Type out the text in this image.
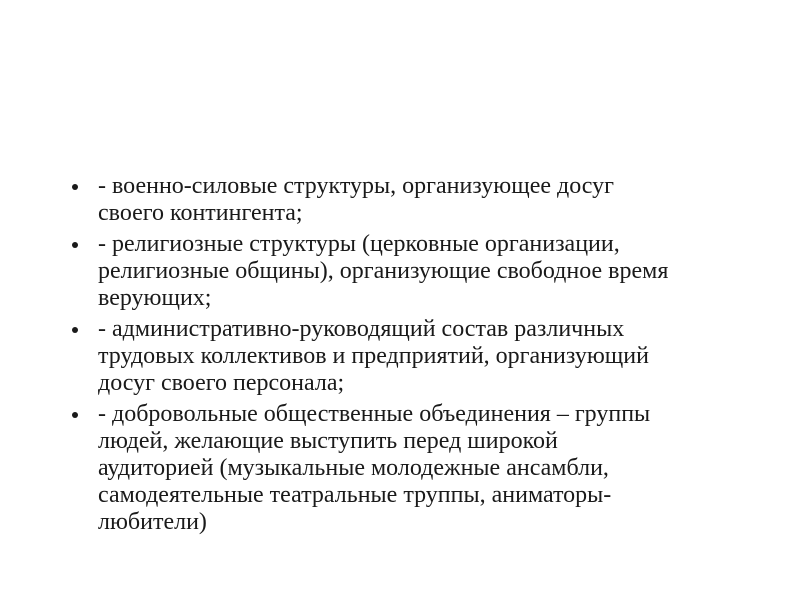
- военно-силовые структуры, организующее досуг
своего контингента;
- религиозные структуры (церковные организации,
религиозные общины), организующие свободное время
верующих;
- административно-руководящий состав различных
трудовых коллективов и предприятий, организующий
досуг своего персонала;
- добровольные общественные объединения – группы
людей, желающие выступить перед широкой
аудиторией (музыкальные молодежные ансамбли,
самодеятельные театральные труппы, аниматоры-
любители)
